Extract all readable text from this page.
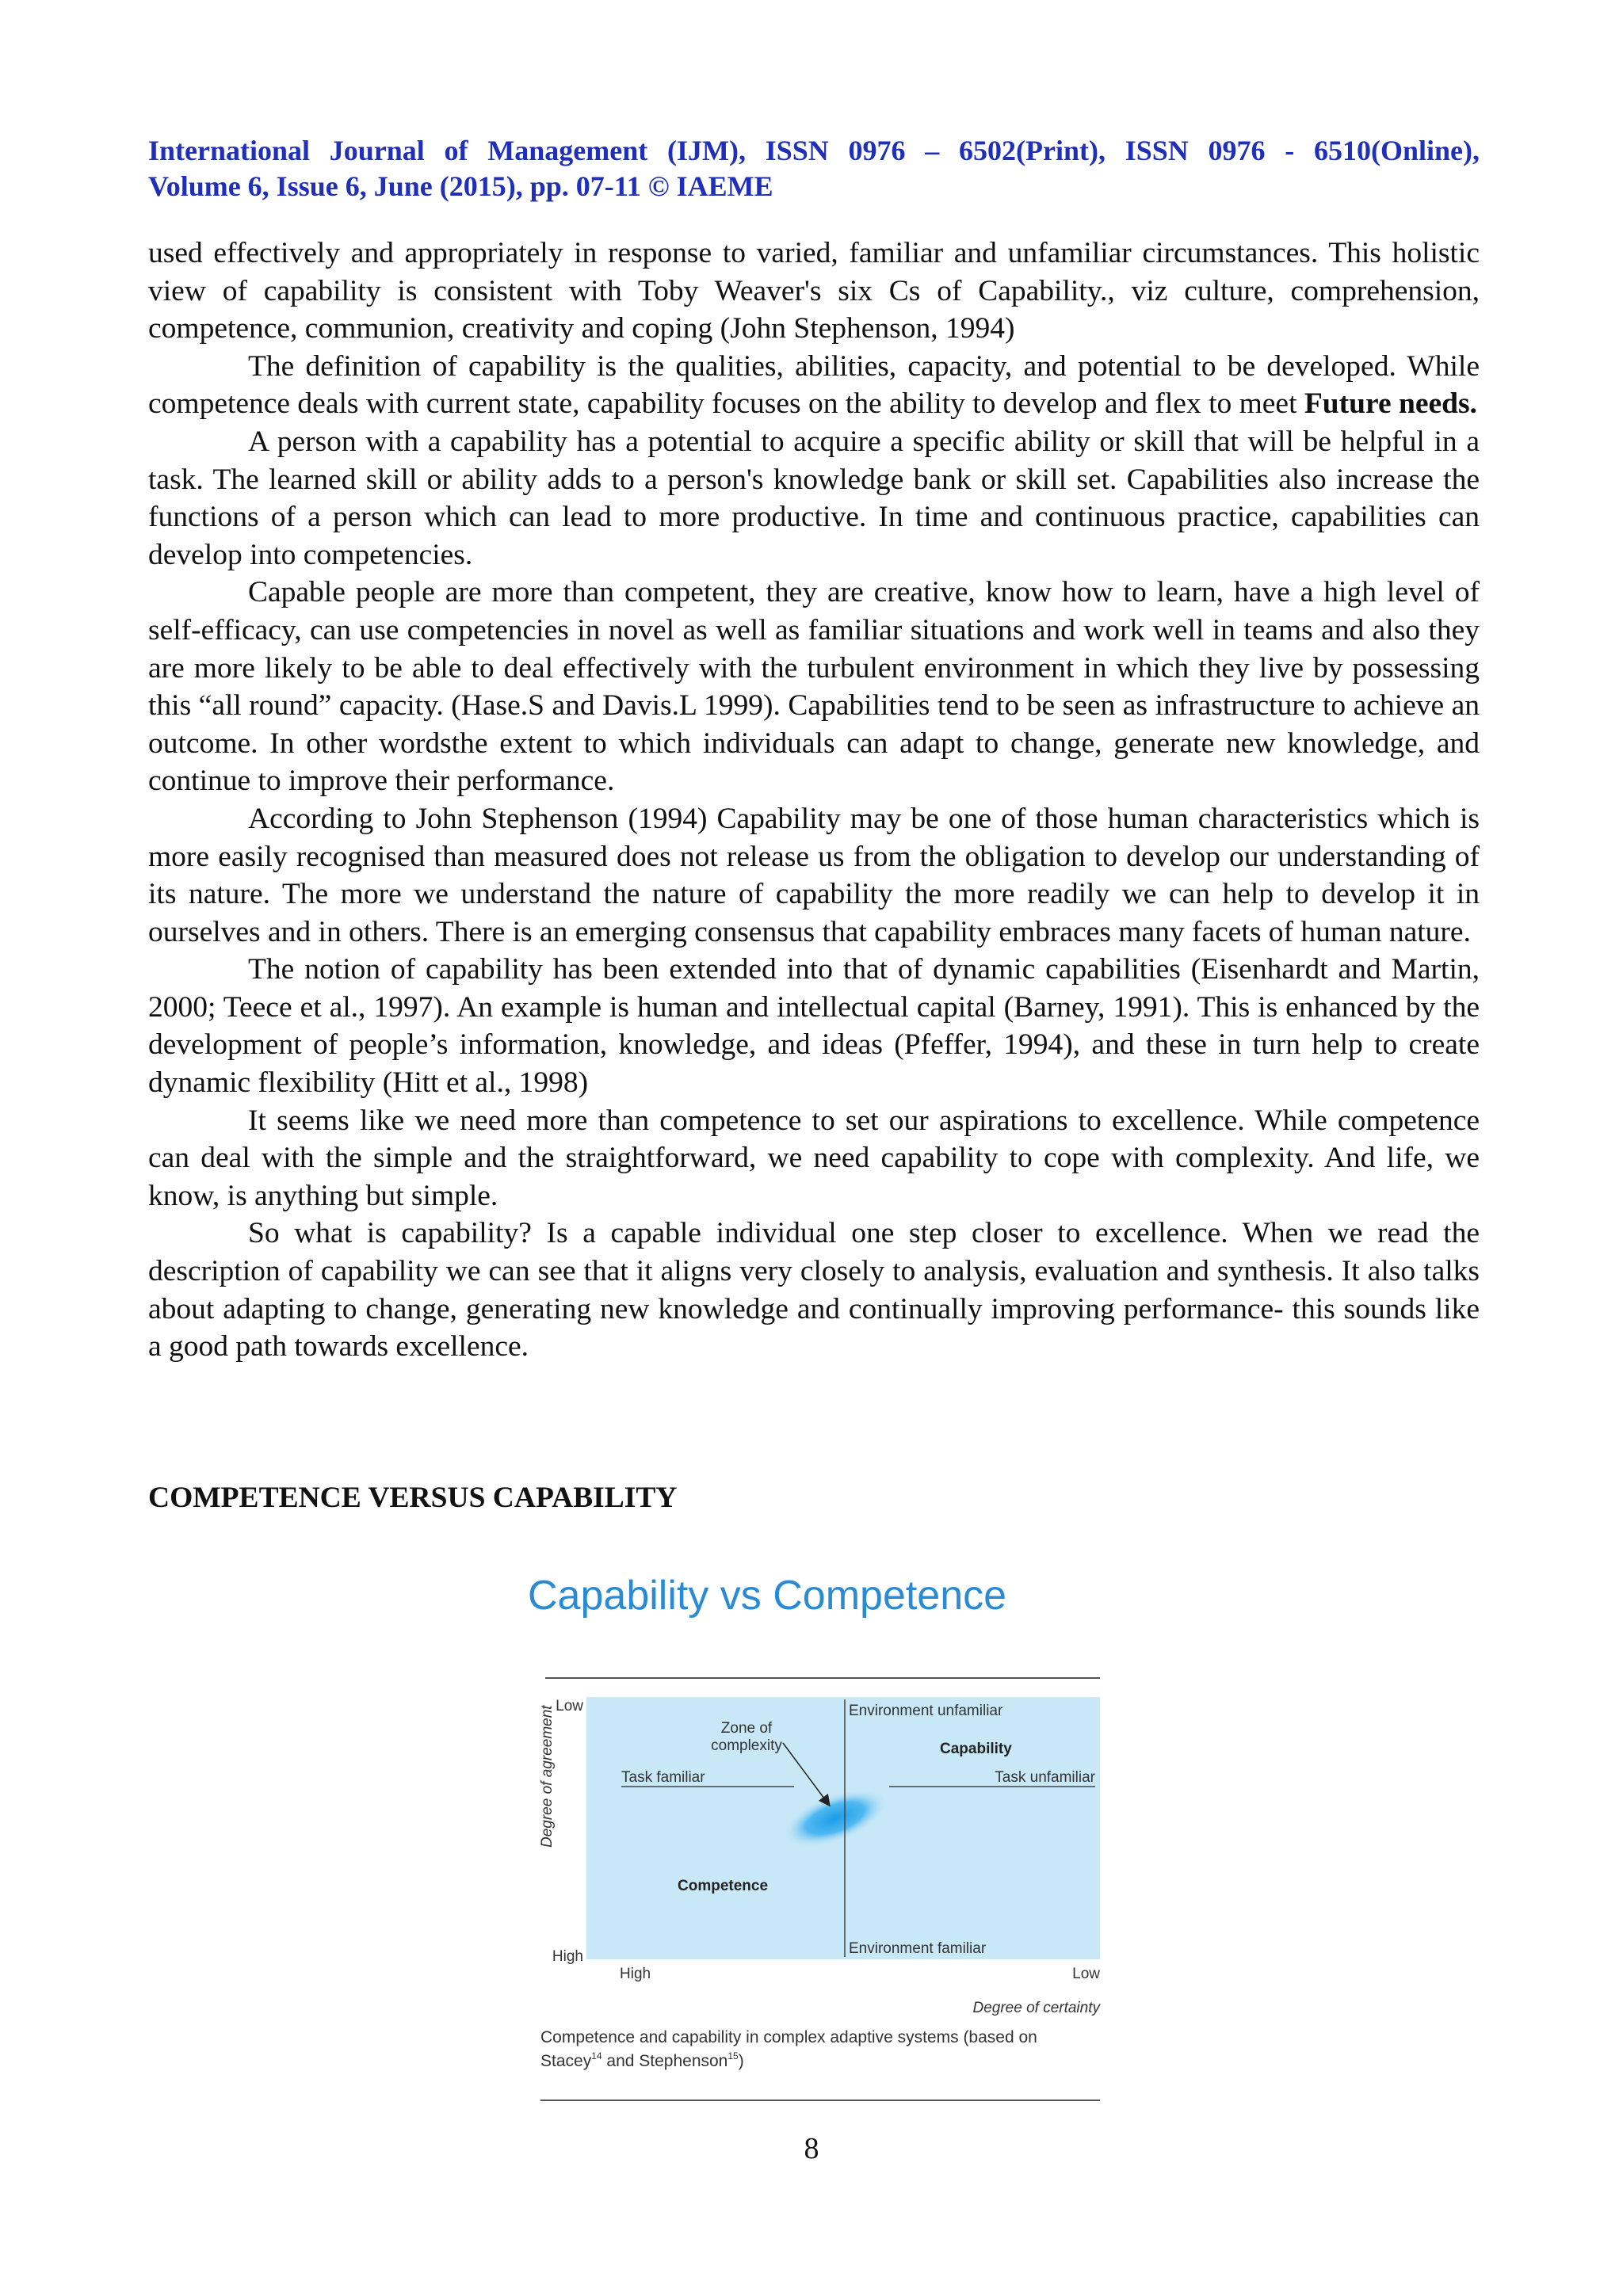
International Journal of Management (IJM), ISSN 0976 – 6502(Print), ISSN 0976 - 6510(Online),
Volume 6, Issue 6, June (2015), pp. 07-11 © IAEME

used effectively and appropriately in response to varied, familiar and unfamiliar circumstances. This holistic view of capability is consistent with Toby Weaver's six Cs of Capability., viz culture, comprehension, competence, communion, creativity and coping (John Stephenson, 1994)

The definition of capability is the qualities, abilities, capacity, and potential to be developed. While competence deals with current state, capability focuses on the ability to develop and flex to meet Future needs.

A person with a capability has a potential to acquire a specific ability or skill that will be helpful in a task. The learned skill or ability adds to a person's knowledge bank or skill set. Capabilities also increase the functions of a person which can lead to more productive. In time and continuous practice, capabilities can develop into competencies.

Capable people are more than competent, they are creative, know how to learn, have a high level of self-efficacy, can use competencies in novel as well as familiar situations and work well in teams and also they are more likely to be able to deal effectively with the turbulent environment in which they live by possessing this “all round” capacity. (Hase.S and Davis.L 1999). Capabilities tend to be seen as infrastructure to achieve an outcome. In other wordsthe extent to which individuals can adapt to change, generate new knowledge, and continue to improve their performance.

According to John Stephenson (1994) Capability may be one of those human characteristics which is more easily recognised than measured does not release us from the obligation to develop our understanding of its nature. The more we understand the nature of capability the more readily we can help to develop it in ourselves and in others. There is an emerging consensus that capability embraces many facets of human nature.

The notion of capability has been extended into that of dynamic capabilities (Eisenhardt and Martin, 2000; Teece et al., 1997). An example is human and intellectual capital (Barney, 1991). This is enhanced by the development of people’s information, knowledge, and ideas (Pfeffer, 1994), and these in turn help to create dynamic flexibility (Hitt et al., 1998)

It seems like we need more than competence to set our aspirations to excellence. While competence can deal with the simple and the straightforward, we need capability to cope with complexity. And life, we know, is anything but simple.

So what is capability? Is a capable individual one step closer to excellence. When we read the description of capability we can see that it aligns very closely to analysis, evaluation and synthesis. It also talks about adapting to change, generating new knowledge and continually improving performance- this sounds like a good path towards excellence.

COMPETENCE VERSUS CAPABILITY
Capability vs Competence
Degree of agreement Low
High
Zone of
complexity
Environment unfamiliar
Capability
Task familiar	Task unfamiliar
Competence
Environment familiar
High	Low
Degree of certainty
Competence and capability in complex adaptive systems (based on
Stacey$^{14}$ and Stephenson$^{15}$)
8
